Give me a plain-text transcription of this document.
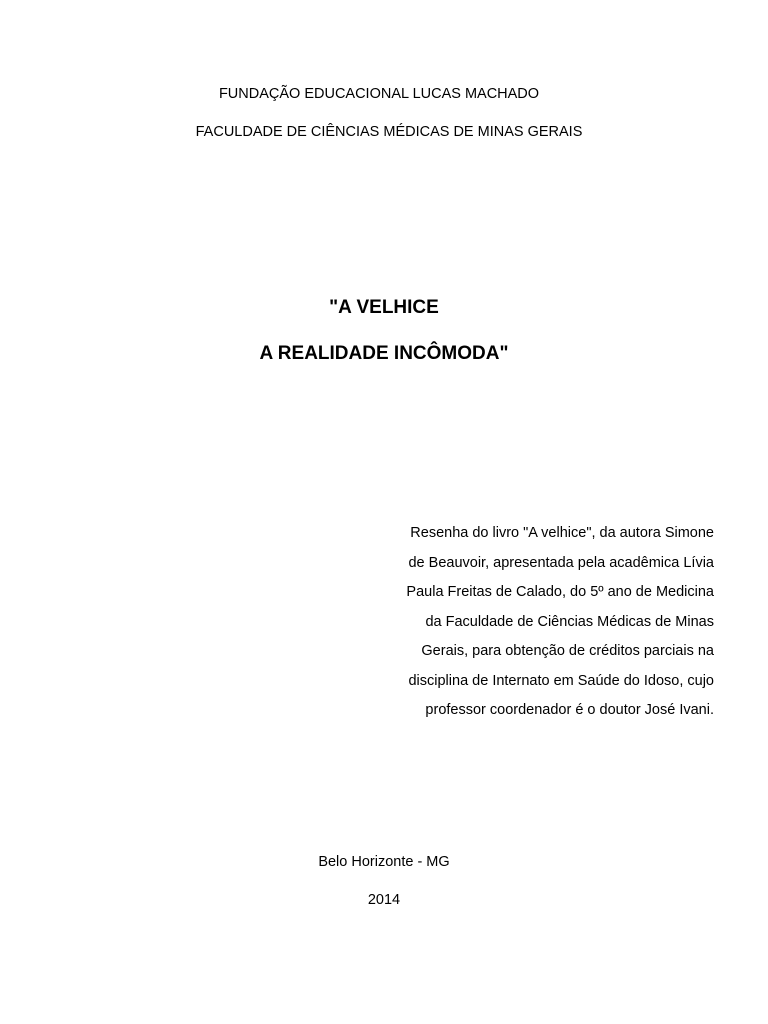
FUNDAÇÃO EDUCACIONAL LUCAS MACHADO
FACULDADE DE CIÊNCIAS MÉDICAS DE MINAS GERAIS
"A VELHICE
A REALIDADE INCÔMODA"
Resenha do livro "A velhice", da autora Simone
de Beauvoir, apresentada pela acadêmica Lívia
Paula Freitas de Calado, do 5º ano de Medicina
da Faculdade de Ciências Médicas de Minas
Gerais, para obtenção de créditos parciais na
disciplina de Internato em Saúde do Idoso, cujo
professor coordenador é o doutor José Ivani.
Belo Horizonte - MG
2014
